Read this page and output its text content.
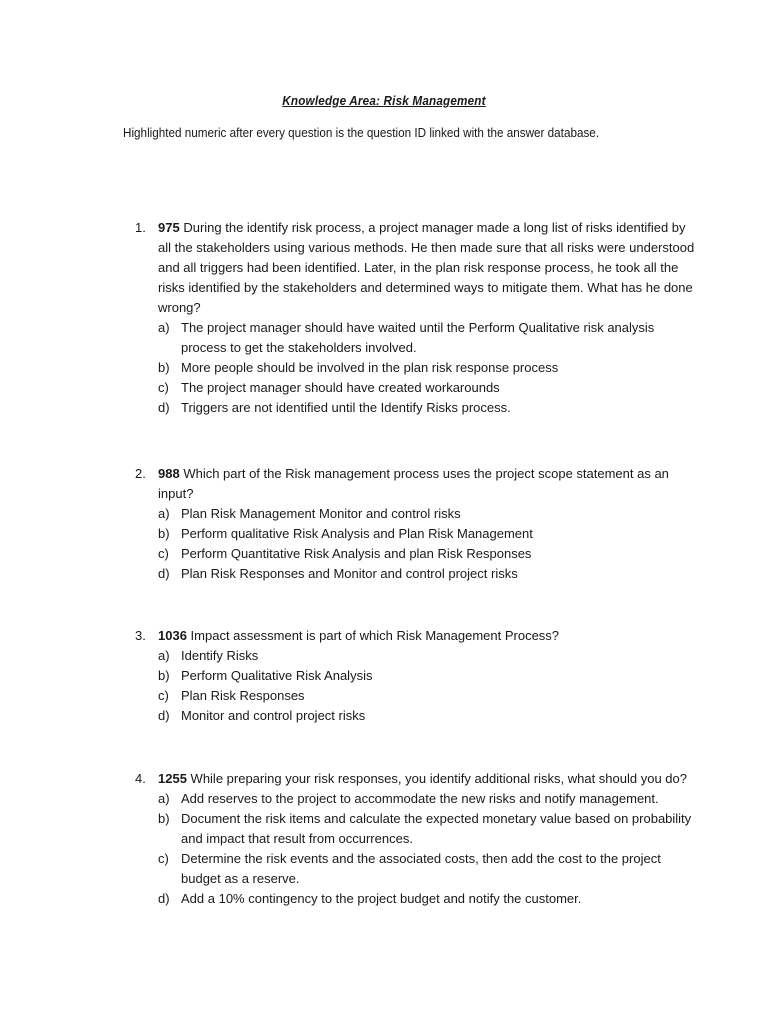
Knowledge Area: Risk Management
Highlighted numeric after every question is the question ID linked with the answer database.
1. 975 During the identify risk process, a project manager made a long list of risks identified by all the stakeholders using various methods. He then made sure that all risks were understood and all triggers had been identified. Later, in the plan risk response process, he took all the risks identified by the stakeholders and determined ways to mitigate them. What has he done wrong?
a) The project manager should have waited until the Perform Qualitative risk analysis process to get the stakeholders involved.
b) More people should be involved in the plan risk response process
c) The project manager should have created workarounds
d) Triggers are not identified until the Identify Risks process.
2. 988 Which part of the Risk management process uses the project scope statement as an input?
a) Plan Risk Management Monitor and control risks
b) Perform qualitative Risk Analysis and Plan Risk Management
c) Perform Quantitative Risk Analysis and plan Risk Responses
d) Plan Risk Responses and Monitor and control project risks
3. 1036 Impact assessment is part of which Risk Management Process?
a) Identify Risks
b) Perform Qualitative Risk Analysis
c) Plan Risk Responses
d) Monitor and control project risks
4. 1255 While preparing your risk responses, you identify additional risks, what should you do?
a) Add reserves to the project to accommodate the new risks and notify management.
b) Document the risk items and calculate the expected monetary value based on probability and impact that result from occurrences.
c) Determine the risk events and the associated costs, then add the cost to the project budget as a reserve.
d) Add a 10% contingency to the project budget and notify the customer.
